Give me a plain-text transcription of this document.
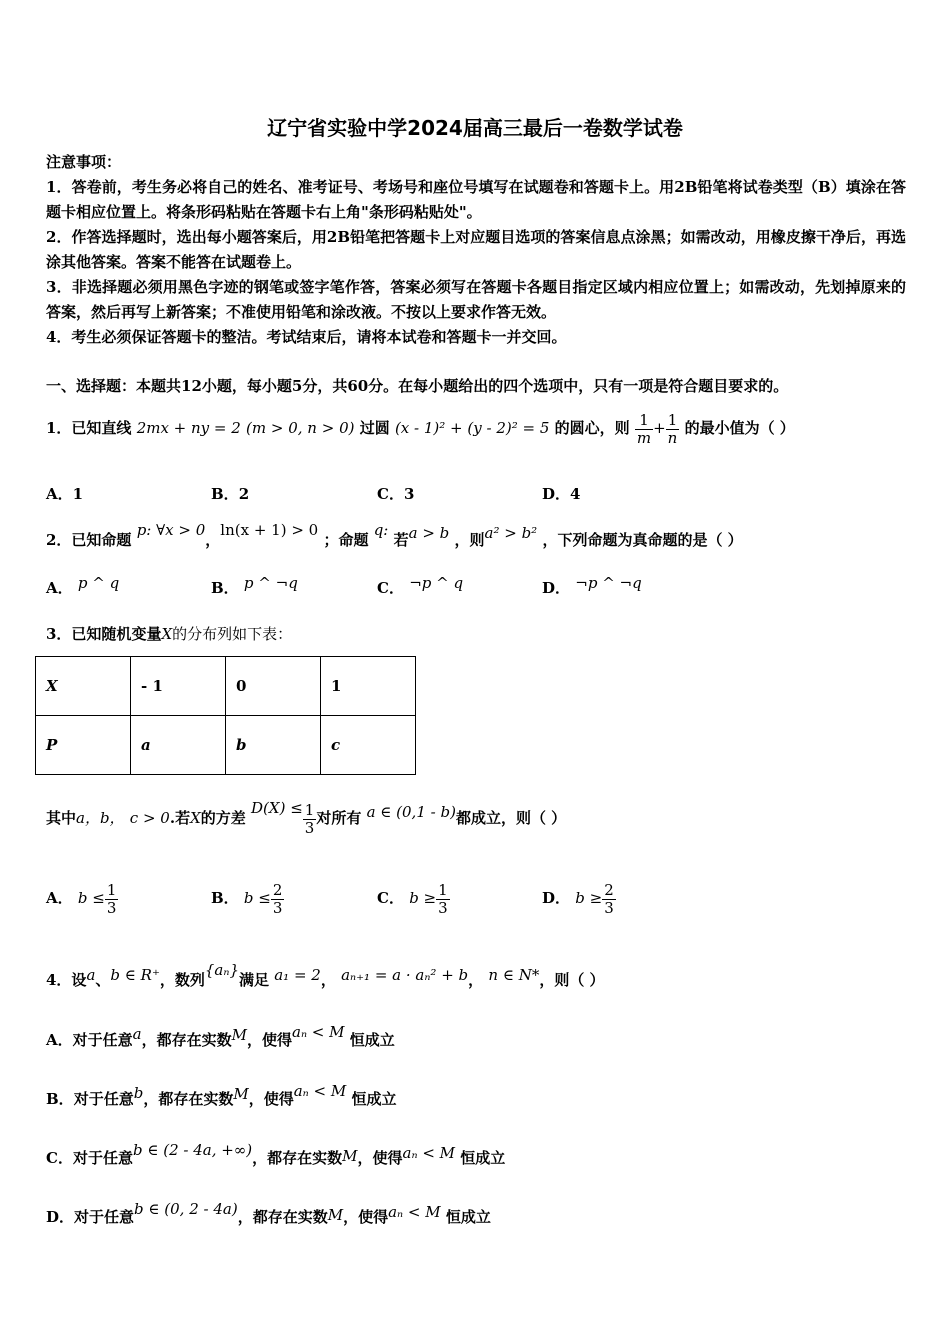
辽宁省实验中学2024届高三最后一卷数学试卷
注意事项：
1．答卷前，考生务必将自己的姓名、准考证号、考场号和座位号填写在试题卷和答题卡上。用2B铅笔将试卷类型（B）填涂在答题卡相应位置上。将条形码粘贴在答题卡右上角"条形码粘贴处"。
2．作答选择题时，选出每小题答案后，用2B铅笔把答题卡上对应题目选项的答案信息点涂黑；如需改动，用橡皮擦干净后，再选涂其他答案。答案不能答在试题卷上。
3．非选择题必须用黑色字迹的钢笔或签字笔作答，答案必须写在答题卡各题目指定区域内相应位置上；如需改动，先划掉原来的答案，然后再写上新答案；不准使用铅笔和涂改液。不按以上要求作答无效。
4．考生必须保证答题卡的整洁。考试结束后，请将本试卷和答题卡一并交回。
一、选择题：本题共12小题，每小题5分，共60分。在每小题给出的四个选项中，只有一项是符合题目要求的。
1．已知直线 2mx + ny = 2 (m > 0, n > 0) 过圆 (x - 1)² + (y - 2)² = 5 的圆心，则 $\frac{1}{m} + \frac{1}{n}$ 的最小值为（ ）
A．1	B．2	C．3	D．4
2．已知命题 p: ∀x > 0，ln(x + 1) > 0 ；命题 q: 若a > b ，则a² > b² ，下列命题为真命题的是（ ）
A． p ^ q	B． p ^ ¬q	C． ¬p ^ q	D． ¬p ^ ¬q
3．已知随机变量X的分布列如下表：
X	- 1	0	1
P	a	b	c
其中a，b， c > 0.若X的方差 $D(X) \le \frac{1}{3}$ 对所有 a ∈ (0,1 - b)都成立，则（ ）
A． $b \le \frac{1}{3}$	B． $b \le \frac{2}{3}$	C． $b \ge \frac{1}{3}$	D． $b \ge \frac{2}{3}$
4．设a、b ∈ R⁺，数列{aₙ}满足 a₁ = 2， aₙ₊₁ = a · aₙ² + b， n ∈ N*，则（ ）
A．对于任意a，都存在实数M，使得aₙ < M 恒成立
B．对于任意b，都存在实数M，使得aₙ < M 恒成立
C．对于任意b ∈ (2 - 4a, +∞)，都存在实数M，使得aₙ < M 恒成立
D．对于任意b ∈ (0, 2 - 4a)，都存在实数M，使得aₙ < M 恒成立
